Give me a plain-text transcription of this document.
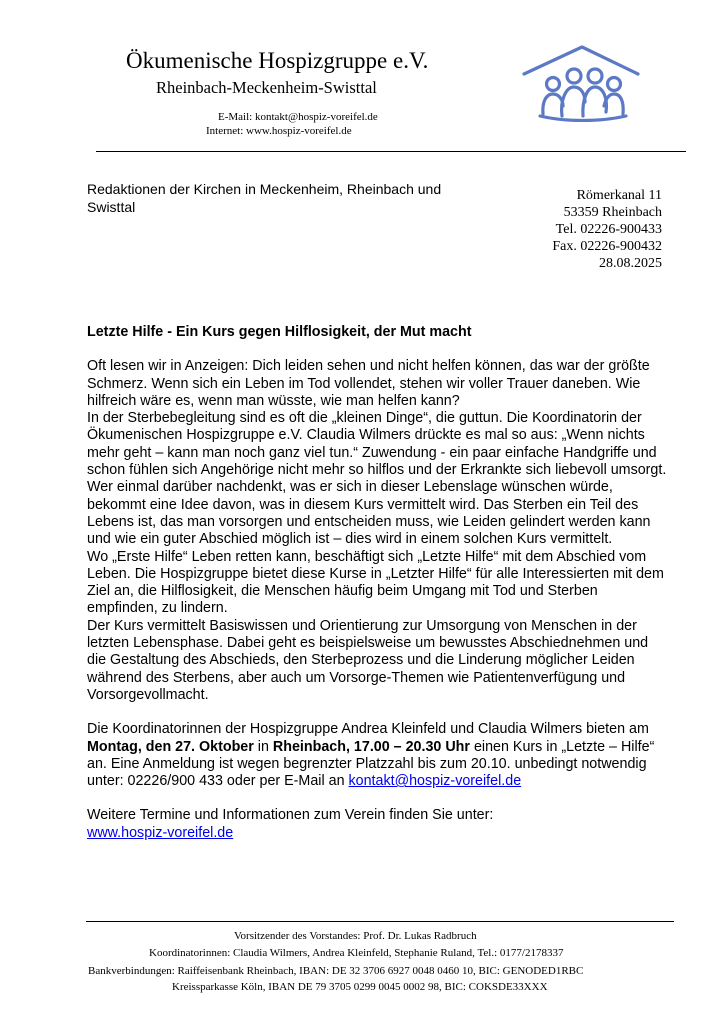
Ökumenische Hospizgruppe e.V.
Rheinbach-Meckenheim-Swisttal
E-Mail: kontakt@hospiz-voreifel.de
Internet: www.hospiz-voreifel.de
Redaktionen der Kirchen in Meckenheim, Rheinbach und Swisttal
Römerkanal 11
53359 Rheinbach
Tel. 02226-900433
Fax. 02226-900432
28.08.2025

Letzte Hilfe - Ein Kurs gegen Hilflosigkeit, der Mut macht

Oft lesen wir in Anzeigen: Dich leiden sehen und nicht helfen können, das war der größte Schmerz. Wenn sich ein Leben im Tod vollendet, stehen wir voller Trauer daneben. Wie hilfreich wäre es, wenn man wüsste, wie man helfen kann?

In der Sterbebegleitung sind es oft die „kleinen Dinge“, die guttun. Die Koordinatorin der Ökumenischen Hospizgruppe e.V. Claudia Wilmers drückte es mal so aus: „Wenn nichts mehr geht – kann man noch ganz viel tun.“ Zuwendung - ein paar einfache Handgriffe und schon fühlen sich Angehörige nicht mehr so hilflos und der Erkrankte sich liebevoll umsorgt.

Wer einmal darüber nachdenkt, was er sich in dieser Lebenslage wünschen würde, bekommt eine Idee davon, was in diesem Kurs vermittelt wird. Das Sterben ein Teil des Lebens ist, das man vorsorgen und entscheiden muss, wie Leiden gelindert werden kann und wie ein guter Abschied möglich ist – dies wird in einem solchen Kurs vermittelt.

Wo „Erste Hilfe“ Leben retten kann, beschäftigt sich „Letzte Hilfe“ mit dem Abschied vom Leben. Die Hospizgruppe bietet diese Kurse in „Letzter Hilfe“ für alle Interessierten mit dem Ziel an, die Hilflosigkeit, die Menschen häufig beim Umgang mit Tod und Sterben empfinden, zu lindern.

Der Kurs vermittelt Basiswissen und Orientierung zur Umsorgung von Menschen in der letzten Lebensphase. Dabei geht es beispielsweise um bewusstes Abschiednehmen und die Gestaltung des Abschieds, den Sterbeprozess und die Linderung möglicher Leiden während des Sterbens, aber auch um Vorsorge-Themen wie Patientenverfügung und Vorsorgevollmacht.

Die Koordinatorinnen der Hospizgruppe Andrea Kleinfeld und Claudia Wilmers bieten am Montag, den 27. Oktober in Rheinbach, 17.00 – 20.30 Uhr einen Kurs in „Letzte – Hilfe“ an. Eine Anmeldung ist wegen begrenzter Platzzahl bis zum 20.10. unbedingt notwendig unter: 02226/900 433 oder per E-Mail an kontakt@hospiz-voreifel.de

Weitere Termine und Informationen zum Verein finden Sie unter:

www.hospiz-voreifel.de

Vorsitzender des Vorstandes: Prof. Dr. Lukas Radbruch
Koordinatorinnen: Claudia Wilmers, Andrea Kleinfeld, Stephanie Ruland, Tel.: 0177/2178337
Bankverbindungen: Raiffeisenbank Rheinbach, IBAN: DE 32 3706 6927 0048 0460 10, BIC: GENODED1RBC
Kreissparkasse Köln, IBAN DE 79 3705 0299 0045 0002 98, BIC: COKSDE33XXX
